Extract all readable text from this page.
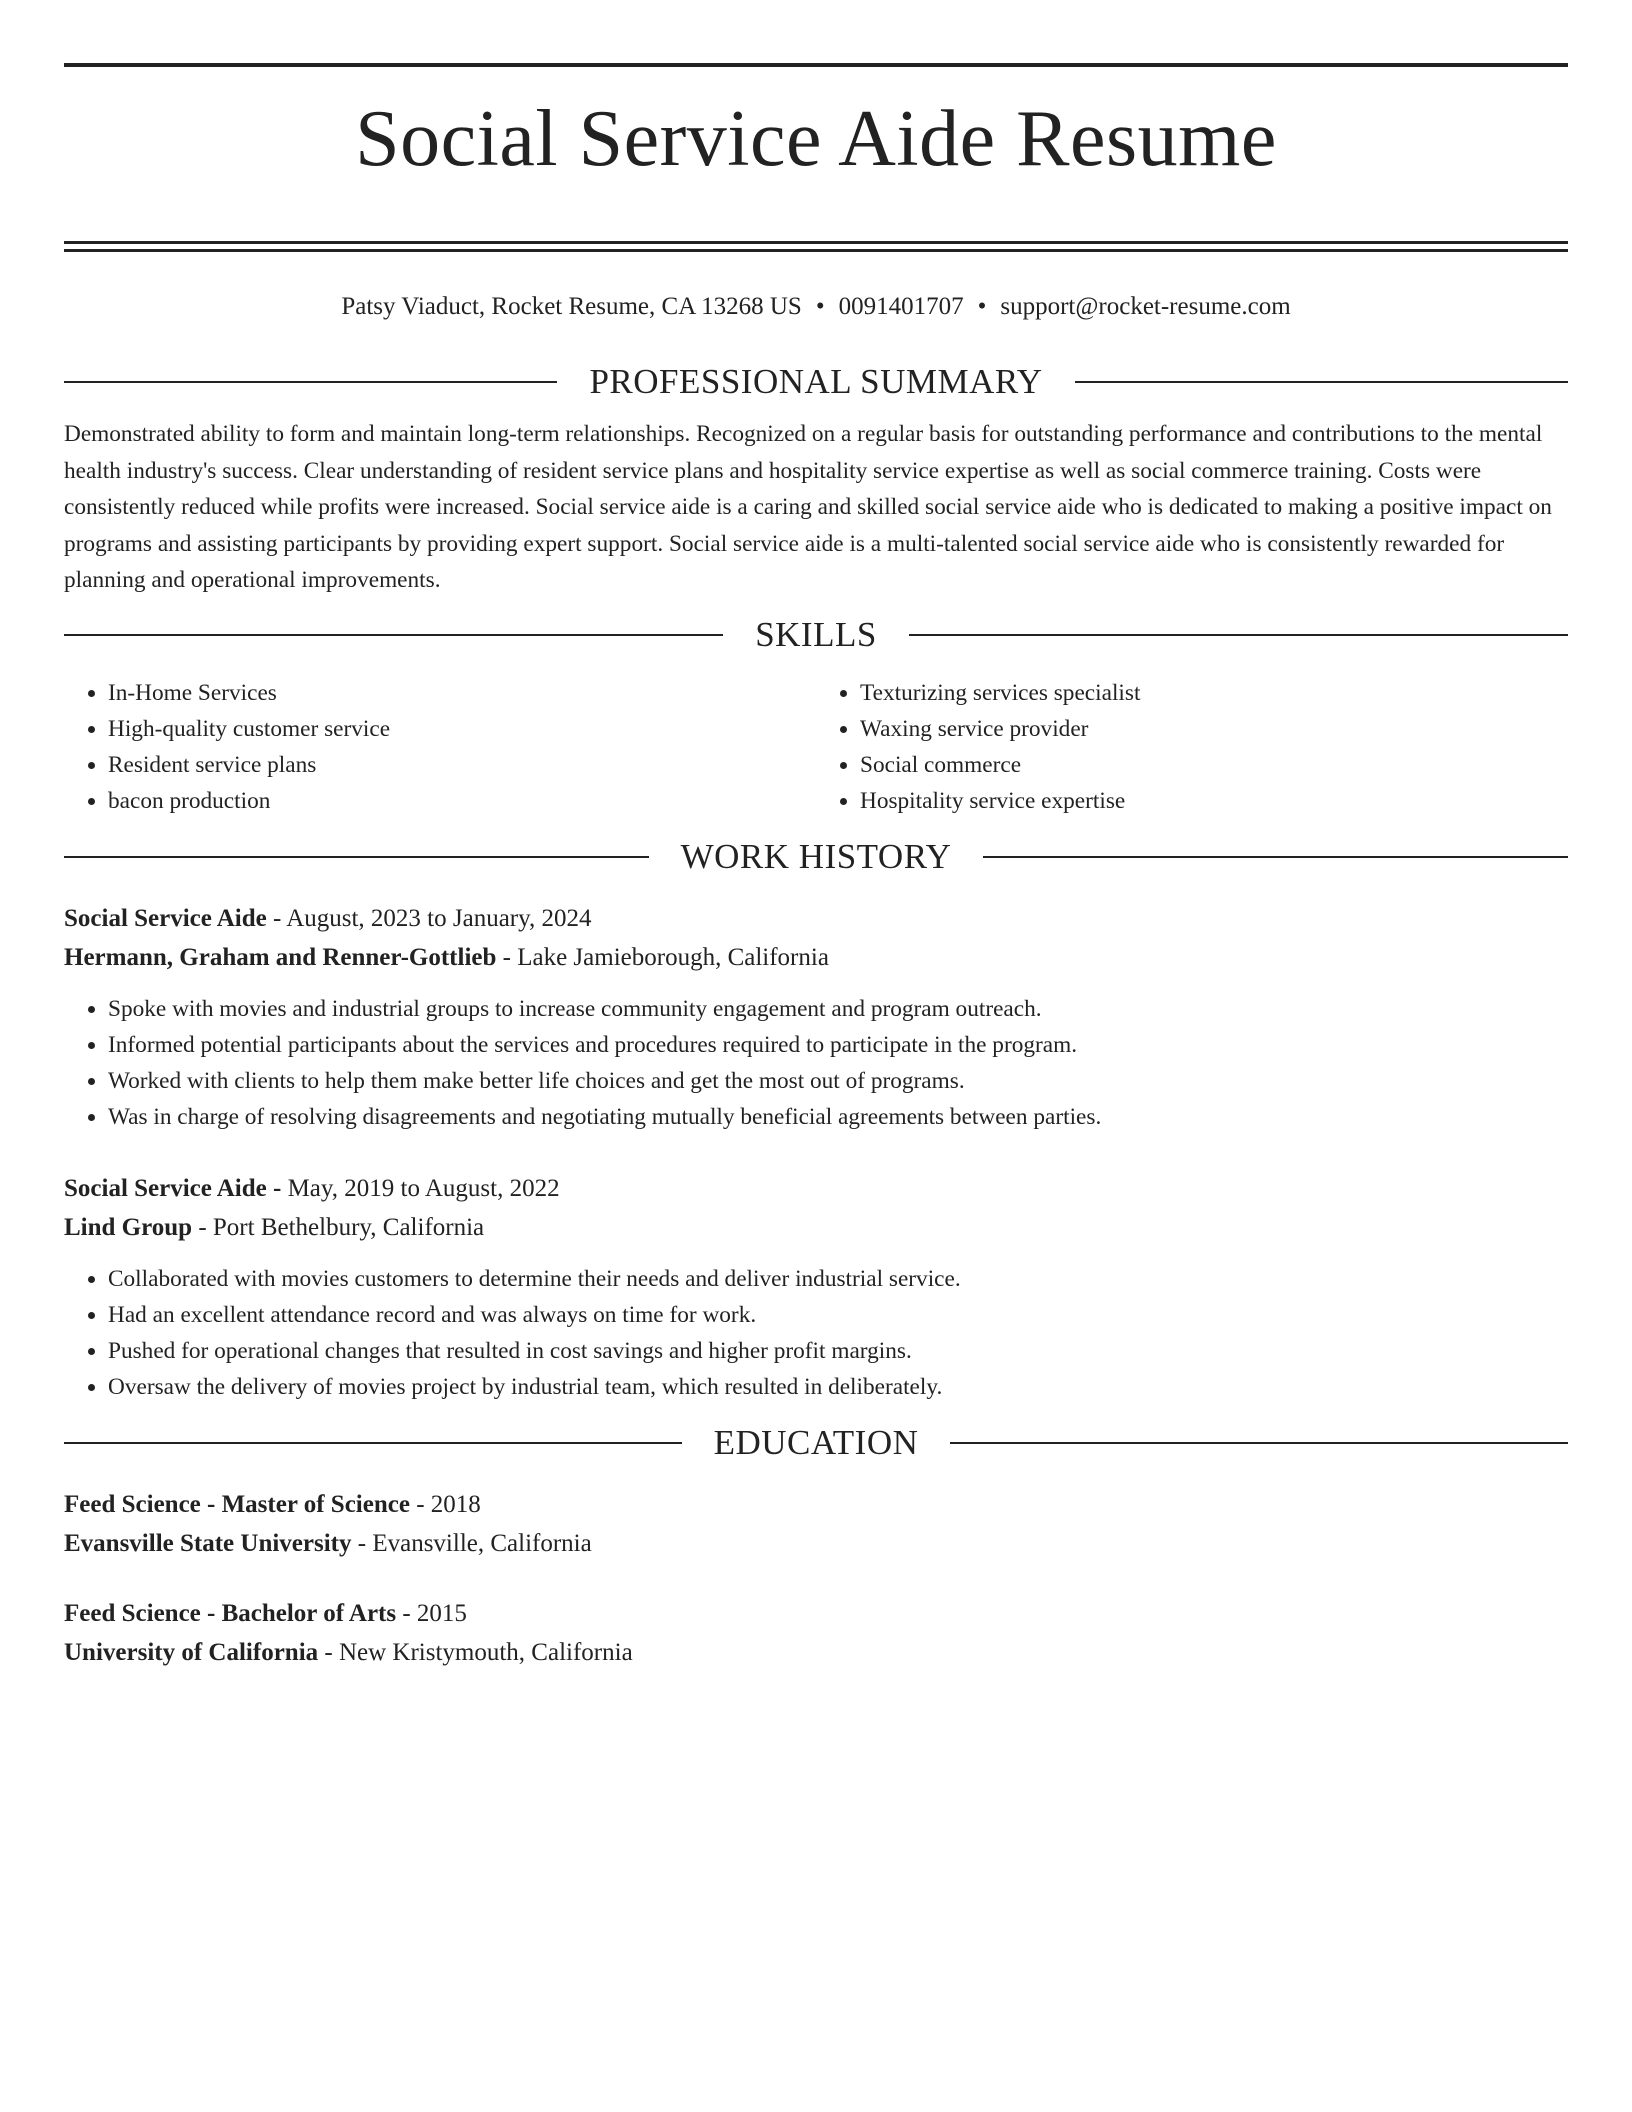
Social Service Aide Resume
Patsy Viaduct, Rocket Resume, CA 13268 US • 0091401707 • support@rocket-resume.com
PROFESSIONAL SUMMARY

Demonstrated ability to form and maintain long-term relationships. Recognized on a regular basis for outstanding performance and contributions to the mental health industry's success. Clear understanding of resident service plans and hospitality service expertise as well as social commerce training. Costs were consistently reduced while profits were increased. Social service aide is a caring and skilled social service aide who is dedicated to making a positive impact on programs and assisting participants by providing expert support. Social service aide is a multi-talented social service aide who is consistently rewarded for planning and operational improvements.

SKILLS
• In-Home Services
• High-quality customer service
• Resident service plans
• bacon production
• Texturizing services specialist
• Waxing service provider
• Social commerce
• Hospitality service expertise
WORK HISTORY
Social Service Aide - August, 2023 to January, 2024
Hermann, Graham and Renner-Gottlieb - Lake Jamieborough, California
• Spoke with movies and industrial groups to increase community engagement and program outreach.
• Informed potential participants about the services and procedures required to participate in the program.
• Worked with clients to help them make better life choices and get the most out of programs.
• Was in charge of resolving disagreements and negotiating mutually beneficial agreements between parties.
Social Service Aide - May, 2019 to August, 2022
Lind Group - Port Bethelbury, California
• Collaborated with movies customers to determine their needs and deliver industrial service.
• Had an excellent attendance record and was always on time for work.
• Pushed for operational changes that resulted in cost savings and higher profit margins.
• Oversaw the delivery of movies project by industrial team, which resulted in deliberately.
EDUCATION
Feed Science - Master of Science - 2018
Evansville State University - Evansville, California
Feed Science - Bachelor of Arts - 2015
University of California - New Kristymouth, California
